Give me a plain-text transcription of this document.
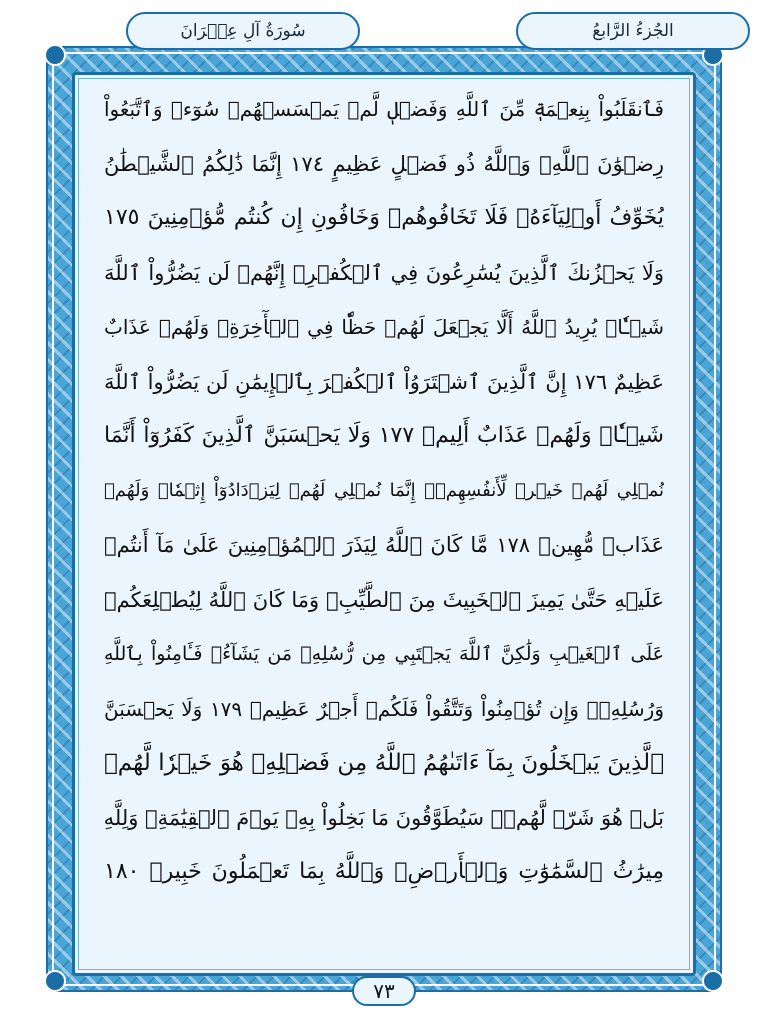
سُورَةُ آلِ عِمۡرَانَ	الجُزءُ الرَّابعُ
فَٱنقَلَبُواْ بِنِعۡمَةٖ مِّنَ ٱللَّهِ وَفَضۡلٖ لَّمۡ يَمۡسَسۡهُمۡ سُوٓءٞ وَٱتَّبَعُواْ
رِضۡوَٰنَ ٱللَّهِۗ وَٱللَّهُ ذُو فَضۡلٍ عَظِيمٍ ١٧٤ إِنَّمَا ذَٰلِكُمُ ٱلشَّيۡطَٰنُ
يُخَوِّفُ أَوۡلِيَآءَهُۥ فَلَا تَخَافُوهُمۡ وَخَافُونِ إِن كُنتُم مُّؤۡمِنِينَ ١٧٥
وَلَا يَحۡزُنكَ ٱلَّذِينَ يُسَٰرِعُونَ فِي ٱلۡكُفۡرِۚ إِنَّهُمۡ لَن يَضُرُّواْ ٱللَّهَ
شَيۡـٔٗاۗ يُرِيدُ ٱللَّهُ أَلَّا يَجۡعَلَ لَهُمۡ حَظّٗا فِي ٱلۡأٓخِرَةِۖ وَلَهُمۡ عَذَابٌ
عَظِيمٌ ١٧٦ إِنَّ ٱلَّذِينَ ٱشۡتَرَوُاْ ٱلۡكُفۡرَ بِٱلۡإِيمَٰنِ لَن يَضُرُّواْ ٱللَّهَ
شَيۡـٔٗاۖ وَلَهُمۡ عَذَابٌ أَلِيمٞ ١٧٧ وَلَا يَحۡسَبَنَّ ٱلَّذِينَ كَفَرُوٓاْ أَنَّمَا
نُمۡلِي لَهُمۡ خَيۡرٞ لِّأَنفُسِهِمۡۚ إِنَّمَا نُمۡلِي لَهُمۡ لِيَزۡدَادُوٓاْ إِثۡمٗاۖ وَلَهُمۡ
عَذَابٞ مُّهِينٞ ١٧٨ مَّا كَانَ ٱللَّهُ لِيَذَرَ ٱلۡمُؤۡمِنِينَ عَلَىٰ مَآ أَنتُمۡ
عَلَيۡهِ حَتَّىٰ يَمِيزَ ٱلۡخَبِيثَ مِنَ ٱلطَّيِّبِۗ وَمَا كَانَ ٱللَّهُ لِيُطۡلِعَكُمۡ
عَلَى ٱلۡغَيۡبِ وَلَٰكِنَّ ٱللَّهَ يَجۡتَبِي مِن رُّسُلِهِۦ مَن يَشَآءُۖ فَـَٔامِنُواْ بِٱللَّهِ
وَرُسُلِهِۦۚ وَإِن تُؤۡمِنُواْ وَتَتَّقُواْ فَلَكُمۡ أَجۡرٌ عَظِيمٞ ١٧٩ وَلَا يَحۡسَبَنَّ
ٱلَّذِينَ يَبۡخَلُونَ بِمَآ ءَاتَىٰهُمُ ٱللَّهُ مِن فَضۡلِهِۦ هُوَ خَيۡرٗا لَّهُمۖ
بَلۡ هُوَ شَرّٞ لَّهُمۡۖ سَيُطَوَّقُونَ مَا بَخِلُواْ بِهِۦ يَوۡمَ ٱلۡقِيَٰمَةِۗ وَلِلَّهِ
مِيرَٰثُ ٱلسَّمَٰوَٰتِ وَٱلۡأَرۡضِۗ وَٱللَّهُ بِمَا تَعۡمَلُونَ خَبِيرٞ ١٨٠
٧٣
